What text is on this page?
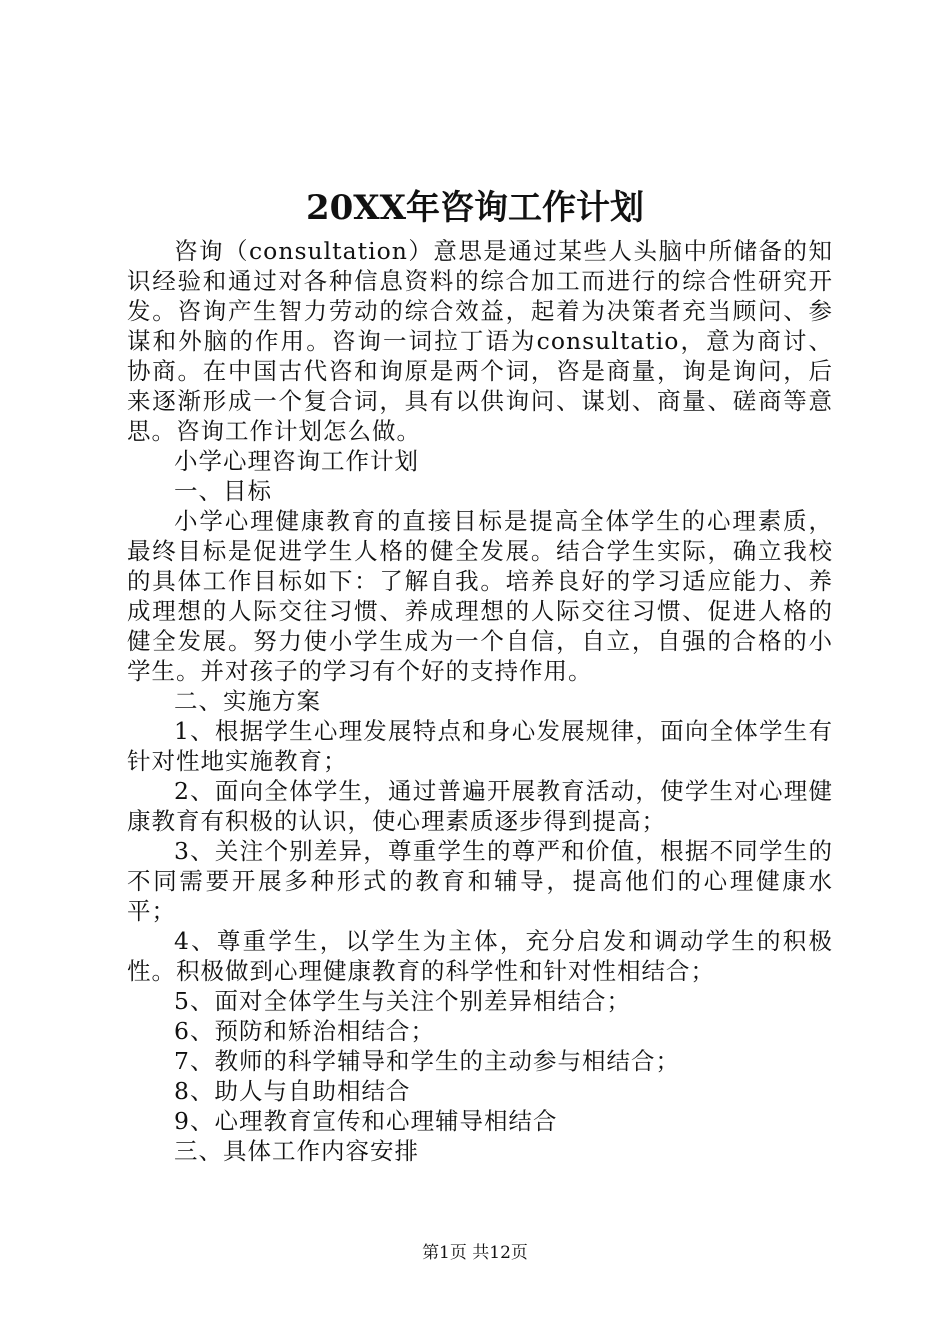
20XX年咨询工作计划

咨询（consultation）意思是通过某些人头脑中所储备的知识经验和通过对各种信息资料的综合加工而进行的综合性研究开发。咨询产生智力劳动的综合效益，起着为决策者充当顾问、参谋和外脑的作用。咨询一词拉丁语为consultatio，意为商讨、协商。在中国古代咨和询原是两个词，咨是商量，询是询问，后来逐渐形成一个复合词，具有以供询问、谋划、商量、磋商等意思。咨询工作计划怎么做。

小学心理咨询工作计划

一、目标

小学心理健康教育的直接目标是提高全体学生的心理素质，最终目标是促进学生人格的健全发展。结合学生实际，确立我校的具体工作目标如下：了解自我。培养良好的学习适应能力、养成理想的人际交往习惯、养成理想的人际交往习惯、促进人格的健全发展。努力使小学生成为一个自信，自立，自强的合格的小学生。并对孩子的学习有个好的支持作用。

二、实施方案

1、根据学生心理发展特点和身心发展规律，面向全体学生有针对性地实施教育；

2、面向全体学生，通过普遍开展教育活动，使学生对心理健康教育有积极的认识，使心理素质逐步得到提高；

3、关注个别差异，尊重学生的尊严和价值，根据不同学生的不同需要开展多种形式的教育和辅导，提高他们的心理健康水平；

4、尊重学生，以学生为主体，充分启发和调动学生的积极性。积极做到心理健康教育的科学性和针对性相结合；

5、面对全体学生与关注个别差异相结合；

6、预防和矫治相结合；

7、教师的科学辅导和学生的主动参与相结合；

8、助人与自助相结合

9、心理教育宣传和心理辅导相结合

三、具体工作内容安排

第1页 共12页
